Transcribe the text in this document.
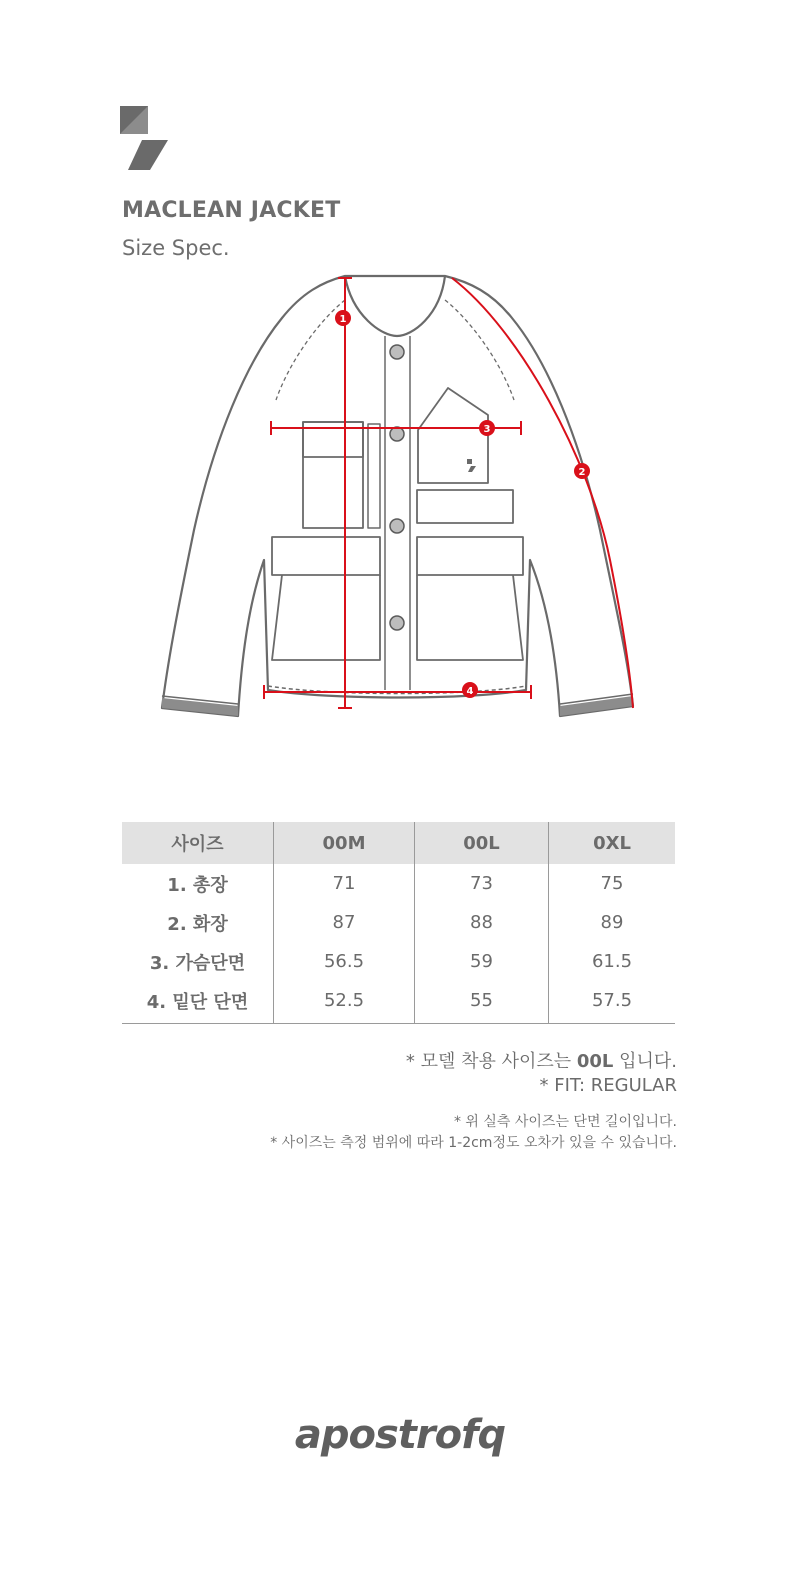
MACLEAN JACKET
Size Spec.
1
2
3
4
사이즈	00M	00L	0XL
1. 총장	71	73	75
2. 화장	87	88	89
3. 가슴단면	56.5	59	61.5
4. 밑단 단면	52.5	55	57.5
* 모델 착용 사이즈는 00L 입니다.
* FIT: REGULAR
* 위 실측 사이즈는 단면 길이입니다.
* 사이즈는 측정 범위에 따라 1-2cm정도 오차가 있을 수 있습니다.
apostrofq
